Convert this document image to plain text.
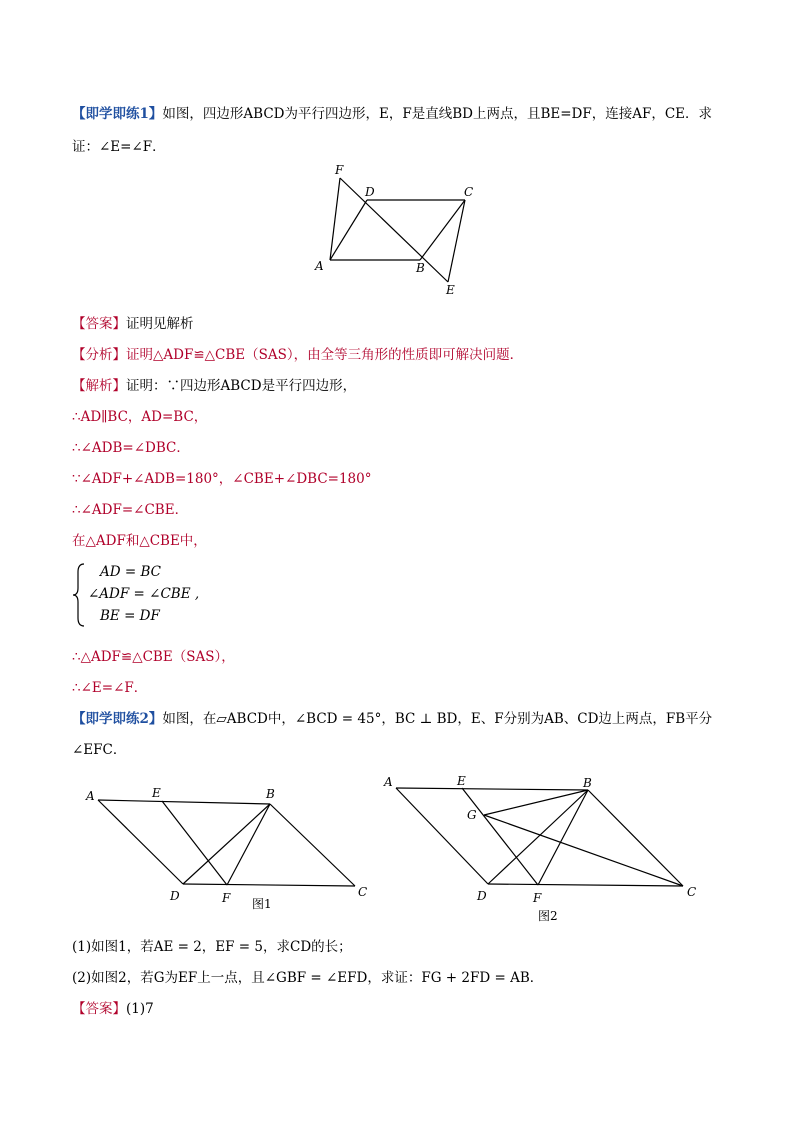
【即学即练1】如图，四边形ABCD为平行四边形，E，F是直线BD上两点，且BE=DF，连接AF，CE．求
证：∠E=∠F．
F
D	C
A	B
E
【答案】证明见解析
【分析】证明△ADF≌△CBE（SAS），由全等三角形的性质即可解决问题．
【解析】证明：∵四边形ABCD是平行四边形，
∴AD∥BC，AD=BC，
∴∠ADB=∠DBC．
∵∠ADF+∠ADB=180°，∠CBE+∠DBC=180°
∴∠ADF=∠CBE．
在△ADF和△CBE中，
AD = BC
∠ADF = ∠CBE ,
BE = DF
∴△ADF≌△CBE（SAS），
∴∠E=∠F．
【即学即练2】如图，在▱ABCD中，∠BCD = 45°，BC ⊥ BD，E、F分别为AB、CD边上两点，FB平分
∠EFC．
A	E	B
C
D	F 图1
A	E	B
G
C
D	F
图2
(1)如图1，若AE = 2，EF = 5，求CD的长；
(2)如图2，若G为EF上一点，且∠GBF = ∠EFD，求证：FG + 2FD = AB．
【答案】(1)7
